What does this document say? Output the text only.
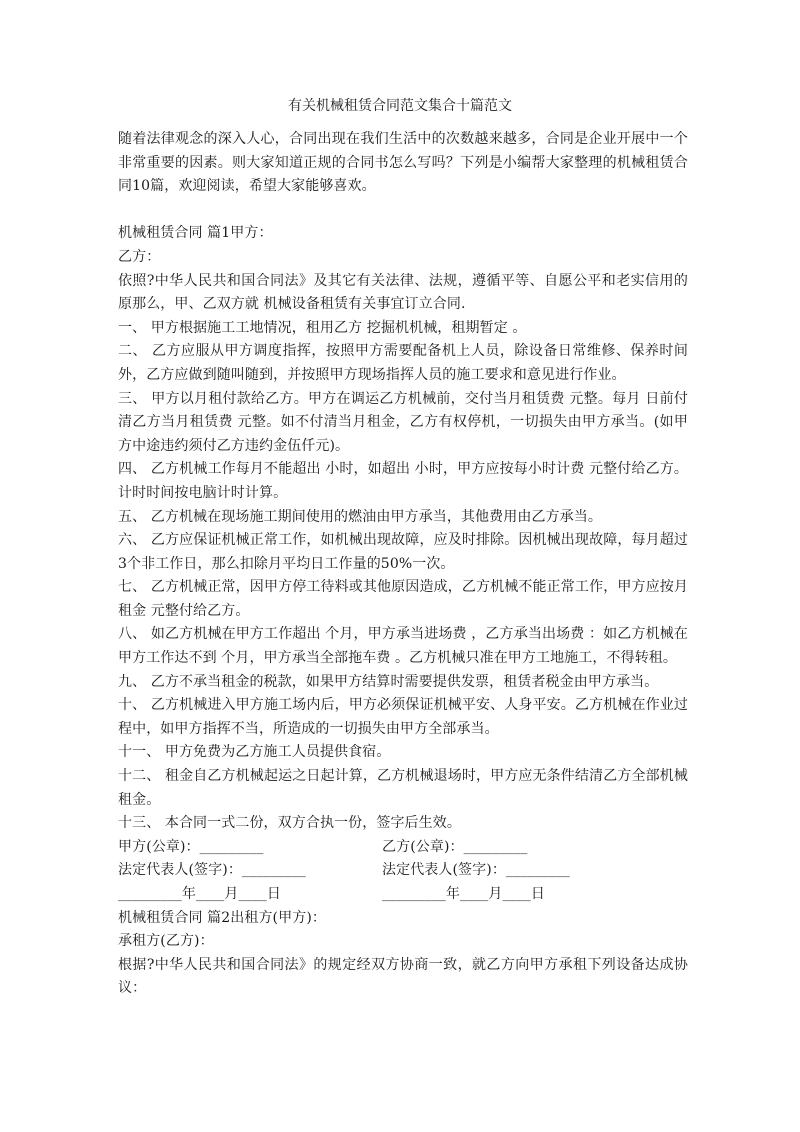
有关机械租赁合同范文集合十篇范文

随着法律观念的深入人心，合同出现在我们生活中的次数越来越多，合同是企业开展中一个非常重要的因素。则大家知道正规的合同书怎么写吗？下列是小编帮大家整理的机械租赁合同10篇，欢迎阅读，希望大家能够喜欢。

机械租赁合同 篇1甲方：

乙方：

依照?中华人民共和国合同法》及其它有关法律、法规，遵循平等、自愿公平和老实信用的原那么，甲、乙双方就 机械设备租赁有关事宜订立合同.

一、 甲方根据施工工地情况，租用乙方 挖掘机机械，租期暂定 。

二、 乙方应服从甲方调度指挥，按照甲方需要配备机上人员，除设备日常维修、保养时间外，乙方应做到随叫随到，并按照甲方现场指挥人员的施工要求和意见进行作业。

三、 甲方以月租付款给乙方。甲方在调运乙方机械前，交付当月租赁费 元整。每月 日前付清乙方当月租赁费 元整。如不付清当月租金，乙方有权停机，一切损失由甲方承当。(如甲方中途违约须付乙方违约金伍仟元)。

四、 乙方机械工作每月不能超出 小时，如超出 小时，甲方应按每小时计费 元整付给乙方。计时时间按电脑计时计算。

五、 乙方机械在现场施工期间使用的燃油由甲方承当，其他费用由乙方承当。

六、 乙方应保证机械正常工作，如机械出现故障，应及时排除。因机械出现故障，每月超过3个非工作日，那么扣除月平均日工作量的50%一次。

七、 乙方机械正常，因甲方停工待料或其他原因造成，乙方机械不能正常工作，甲方应按月租金 元整付给乙方。

八、 如乙方机械在甲方工作超出 个月，甲方承当进场费 ，乙方承当出场费 ：如乙方机械在甲方工作达不到 个月，甲方承当全部拖车费 。乙方机械只准在甲方工地施工，不得转租。

九、 乙方不承当租金的税款，如果甲方结算时需要提供发票，租赁者税金由甲方承当。

十、 乙方机械进入甲方施工场内后，甲方必须保证机械平安、人身平安。乙方机械在作业过程中，如甲方指挥不当，所造成的一切损失由甲方全部承当。

十一、 甲方免费为乙方施工人员提供食宿。

十二、 租金自乙方机械起运之日起计算，乙方机械退场时，甲方应无条件结清乙方全部机械租金。

十三、 本合同一式二份，双方合执一份，签字后生效。

甲方(公章)：_________	乙方(公章)：_________
法定代表人(签字)：_________	法定代表人(签字)：_________
_________年____月____日	_________年____月____日

机械租赁合同 篇2出租方(甲方)：

承租方(乙方)：

根据?中华人民共和国合同法》的规定经双方协商一致，就乙方向甲方承租下列设备达成协议：
